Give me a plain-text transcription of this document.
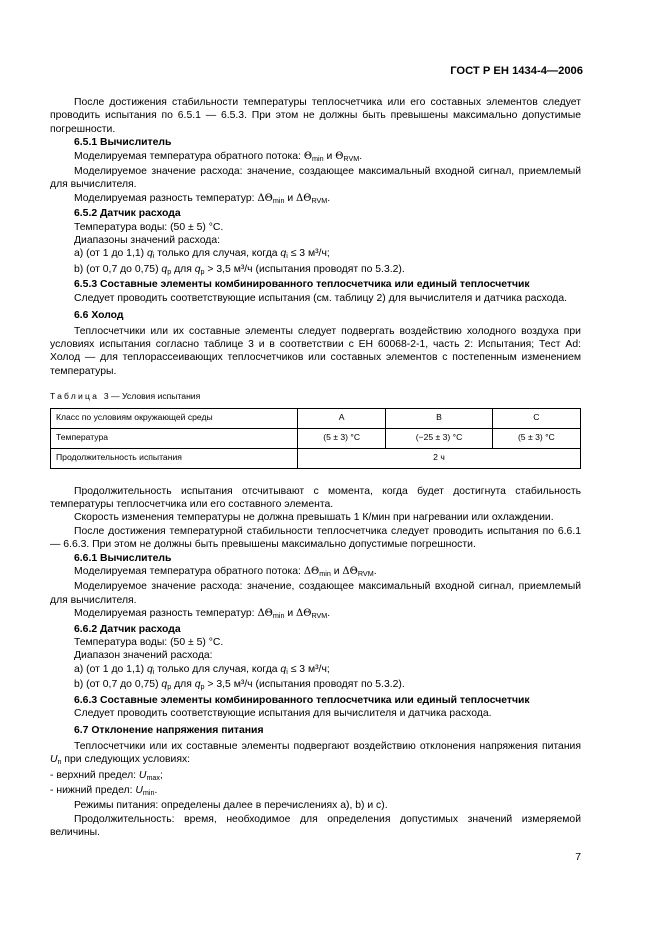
ГОСТ Р ЕН 1434-4—2006

После достижения стабильности температуры теплосчетчика или его составных элементов следует проводить испытания по 6.5.1 — 6.5.3. При этом не должны быть превышены максимально допустимые погрешности.

6.5.1 Вычислитель

Моделируемая температура обратного потока: $\Theta_{min}$ и $\Theta_{RVM}$.

Моделируемое значение расхода: значение, создающее максимальный входной сигнал, приемлемый для вычислителя.

Моделируемая разность температур: $\Delta\Theta_{min}$ и $\Delta\Theta_{RVM}$.

6.5.2 Датчик расхода

Температура воды: (50 ± 5) °С.

Диапазоны значений расхода:

а) (от 1 до 1,1) $q_i$ только для случая, когда $q_i \le 3$ м³/ч;

b) (от 0,7 до 0,75) $q_p$ для $q_p > 3,5$ м³/ч (испытания проводят по 5.3.2).

6.5.3 Составные элементы комбинированного теплосчетчика или единый теплосчетчик

Следует проводить соответствующие испытания (см. таблицу 2) для вычислителя и датчика расхода.

6.6 Холод

Теплосчетчики или их составные элементы следует подвергать воздействию холодного воздуха при условиях испытания согласно таблице 3 и в соответствии с ЕН 60068-2-1, часть 2: Испытания; Тест Ad: Холод — для теплорассеивающих теплосчетчиков или составных элементов с постепенным изменением температуры.

Таблица 3 — Условия испытания

Класс по условиям окружающей среды	A	B	C
Температура	(5 ± 3) °С	(−25 ± 3) °С	(5 ± 3) °С
Продолжительность испытания	2 ч		

Продолжительность испытания отсчитывают с момента, когда будет достигнута стабильность температуры теплосчетчика или его составного элемента.

Скорость изменения температуры не должна превышать 1 К/мин при нагревании или охлаждении.

После достижения температурной стабильности теплосчетчика следует проводить испытания по 6.6.1 — 6.6.3. При этом не должны быть превышены максимально допустимые погрешности.

6.6.1 Вычислитель

Моделируемая температура обратного потока: $\Delta\Theta_{min}$ и $\Delta\Theta_{RVM}$.

Моделируемое значение расхода: значение, создающее максимальный входной сигнал, приемлемый для вычислителя.

Моделируемая разность температур: $\Delta\Theta_{min}$ и $\Delta\Theta_{RVM}$.

6.6.2 Датчик расхода

Температура воды: (50 ± 5) °С.

Диапазон значений расхода:

а) (от 1 до 1,1) $q_i$ только для случая, когда $q_i \le 3$ м³/ч;

b) (от 0,7 до 0,75) $q_p$ для $q_p > 3,5$ м³/ч (испытания проводят по 5.3.2).

6.6.3 Составные элементы комбинированного теплосчетчика или единый теплосчетчик

Следует проводить соответствующие испытания для вычислителя и датчика расхода.

6.7 Отклонение напряжения питания

Теплосчетчики или их составные элементы подвергают воздействию отклонения напряжения питания $U_n$ при следующих условиях:

- верхний предел: $U_{max}$;

- нижний предел: $U_{min}$.

Режимы питания: определены далее в перечислениях а), b) и с).

Продолжительность: время, необходимое для определения допустимых значений измеряемой величины.

7
